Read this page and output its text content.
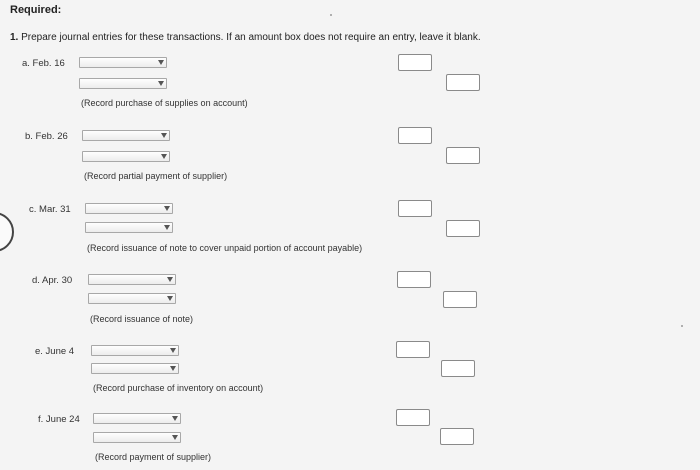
Required:
1. Prepare journal entries for these transactions. If an amount box does not require an entry, leave it blank.
a. Feb. 16
(Record purchase of supplies on account)
b. Feb. 26
(Record partial payment of supplier)
c. Mar. 31
(Record issuance of note to cover unpaid portion of account payable)
d. Apr. 30
(Record issuance of note)
e. June 4
(Record purchase of inventory on account)
f. June 24
(Record payment of supplier)
